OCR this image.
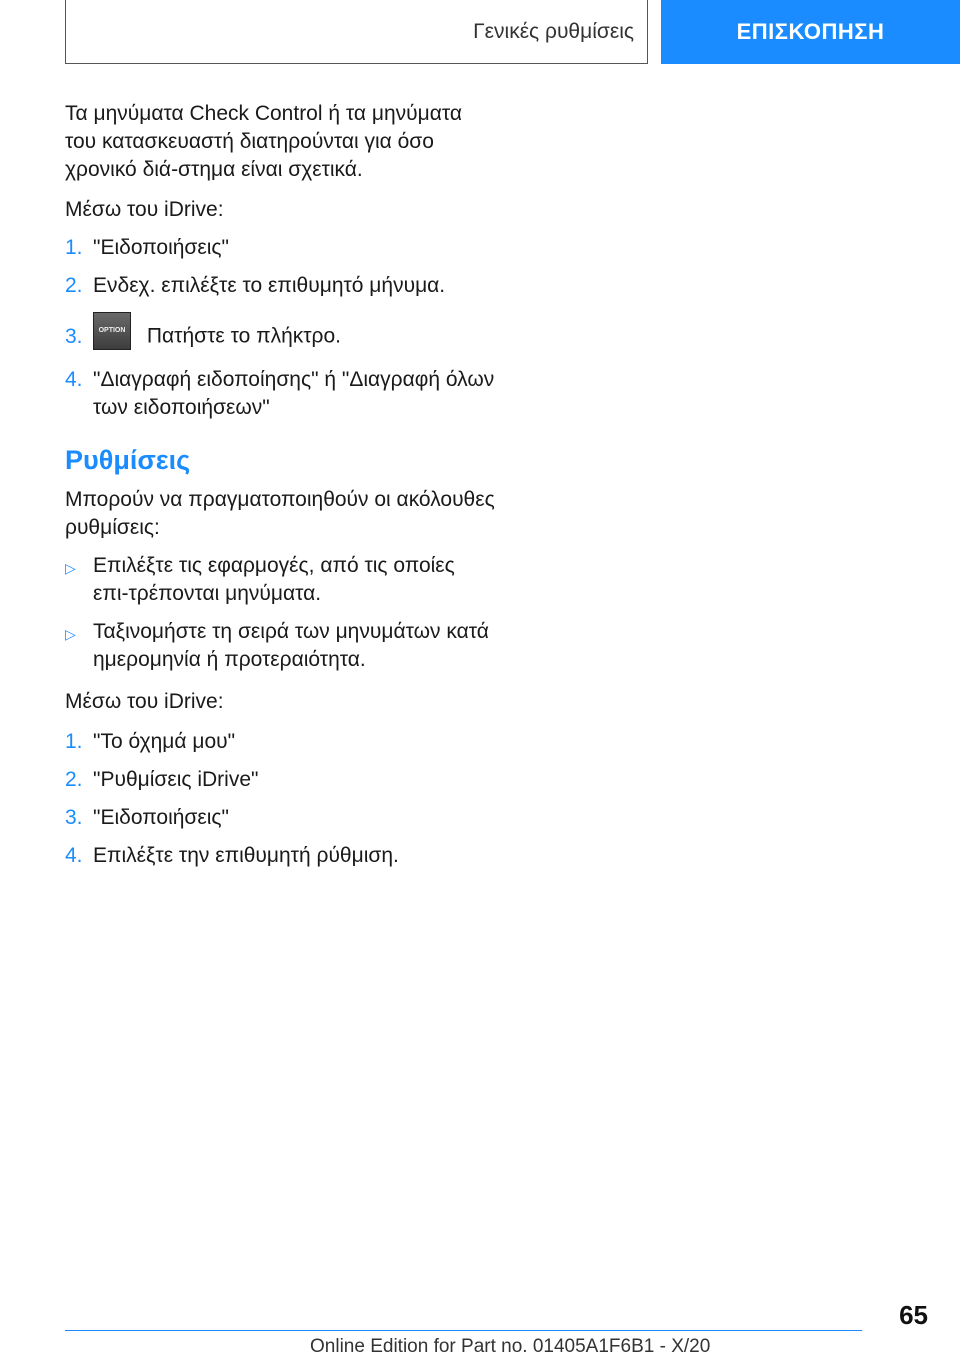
Γενικές ρυθμίσεις	ΕΠΙΣΚΟΠΗΣΗ

Τα μηνύματα Check Control ή τα μηνύματα του κατασκευαστή διατηρούνται για όσο χρονικό διά-στημα είναι σχετικά.

Μέσω του iDrive:

1. "Ειδοποιήσεις"
2. Ενδεχ. επιλέξτε το επιθυμητό μήνυμα.
3.	OPTION Πατήστε το πλήκτρο.
4. "Διαγραφή ειδοποίησης" ή "Διαγραφή όλων των ειδοποιήσεων"
Ρυθμίσεις

Μπορούν να πραγματοποιηθούν οι ακόλουθες ρυθμίσεις:

▷ Επιλέξτε τις εφαρμογές, από τις οποίες επι-τρέπονται μηνύματα.
▷ Ταξινομήστε τη σειρά των μηνυμάτων κατά ημερομηνία ή προτεραιότητα.

Μέσω του iDrive:

1. "Το όχημά μου"
2. "Ρυθμίσεις iDrive"
3. "Ειδοποιήσεις"
4. Επιλέξτε την επιθυμητή ρύθμιση.
65
Online Edition for Part no. 01405A1F6B1 - X/20
